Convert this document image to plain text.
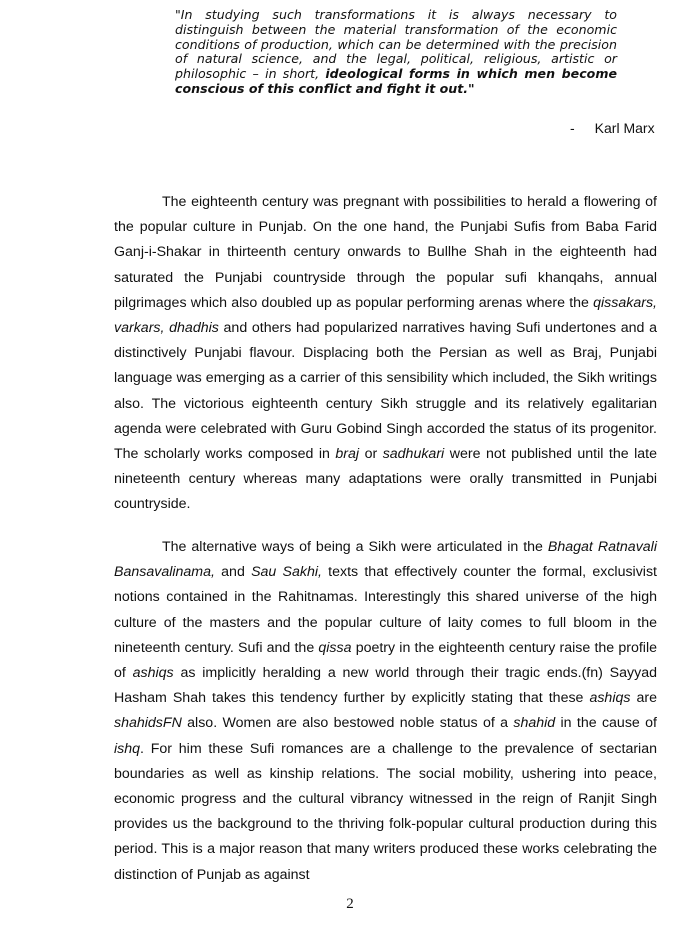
"In studying such transformations it is always necessary to distinguish between the material transformation of the economic conditions of production, which can be determined with the precision of natural science, and the legal, political, religious, artistic or philosophic – in short, ideological forms in which men become conscious of this conflict and fight it out."
- Karl Marx

The eighteenth century was pregnant with possibilities to herald a flowering of the popular culture in Punjab. On the one hand, the Punjabi Sufis from Baba Farid Ganj-i-Shakar in thirteenth century onwards to Bullhe Shah in the eighteenth had saturated the Punjabi countryside through the popular sufi khanqahs, annual pilgrimages which also doubled up as popular performing arenas where the qissakars, varkars, dhadhis and others had popularized narratives having Sufi undertones and a distinctively Punjabi flavour. Displacing both the Persian as well as Braj, Punjabi language was emerging as a carrier of this sensibility which included, the Sikh writings also. The victorious eighteenth century Sikh struggle and its relatively egalitarian agenda were celebrated with Guru Gobind Singh accorded the status of its progenitor. The scholarly works composed in braj or sadhukari were not published until the late nineteenth century whereas many adaptations were orally transmitted in Punjabi countryside.

The alternative ways of being a Sikh were articulated in the Bhagat Ratnavali Bansavalinama, and Sau Sakhi, texts that effectively counter the formal, exclusivist notions contained in the Rahitnamas. Interestingly this shared universe of the high culture of the masters and the popular culture of laity comes to full bloom in the nineteenth century. Sufi and the qissa poetry in the eighteenth century raise the profile of ashiqs as implicitly heralding a new world through their tragic ends.(fn) Sayyad Hasham Shah takes this tendency further by explicitly stating that these ashiqs are shahidsFN also. Women are also bestowed noble status of a shahid in the cause of ishq. For him these Sufi romances are a challenge to the prevalence of sectarian boundaries as well as kinship relations. The social mobility, ushering into peace, economic progress and the cultural vibrancy witnessed in the reign of Ranjit Singh provides us the background to the thriving folk-popular cultural production during this period. This is a major reason that many writers produced these works celebrating the distinction of Punjab as against

2
